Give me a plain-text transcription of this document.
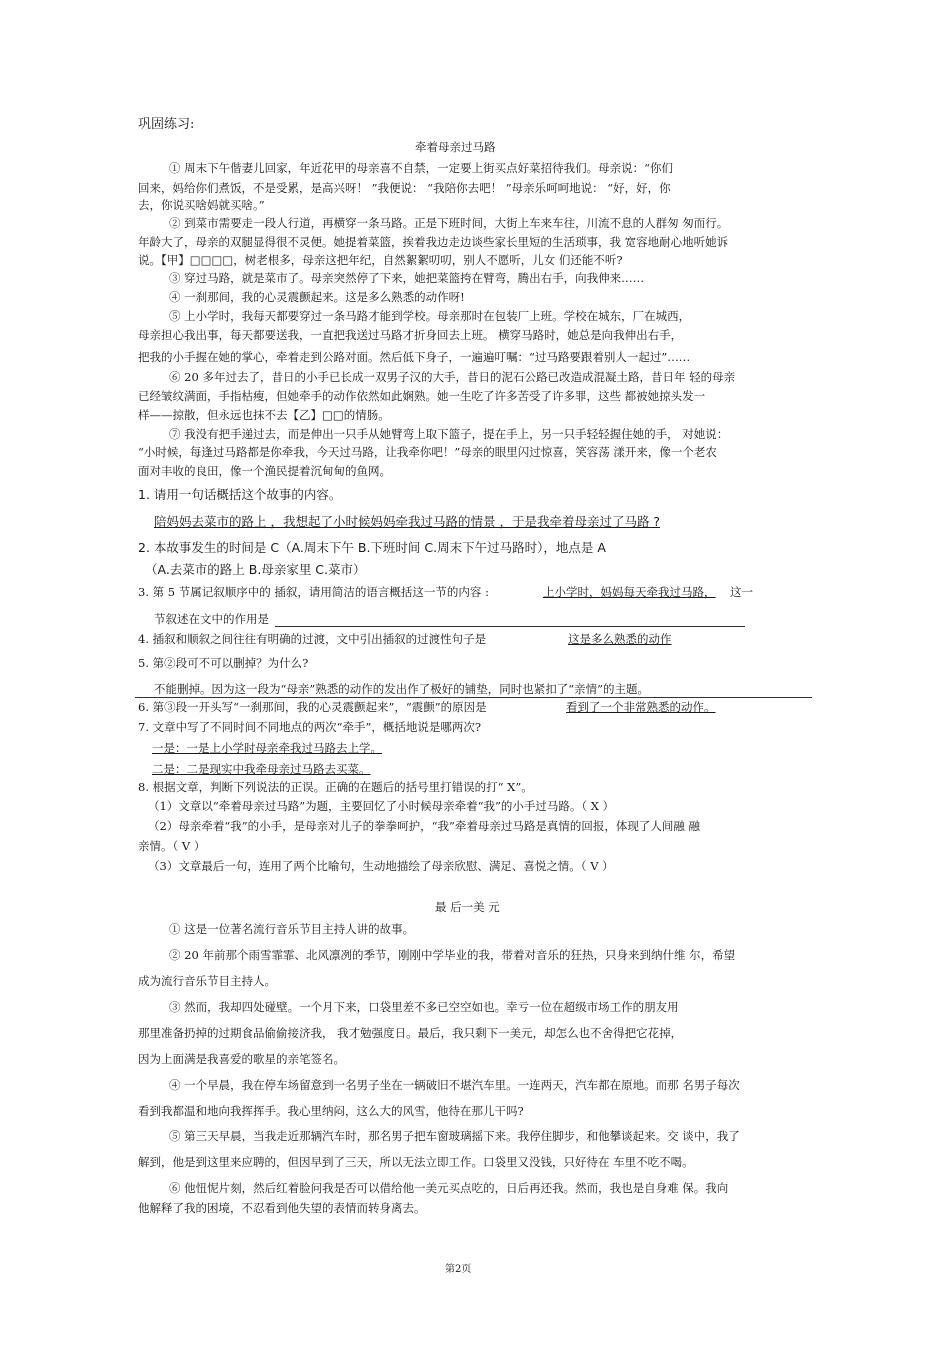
巩固练习:
牵着母亲过马路
① 周末下午偕妻儿回家，年近花甲的母亲喜不自禁，一定要上街买点好菜招待我们。母亲说：“你们
回来，妈给你们煮饭，不是受累，是高兴呀！ ”我便说： “我陪你去吧！ ”母亲乐呵呵地说： “好，好，你
去，你说买啥妈就买啥。”
② 到菜市需要走一段人行道，再横穿一条马路。正是下班时间，大街上车来车往，川流不息的人群匆 匆而行。
年龄大了，母亲的双腿显得很不灵便。她提着菜篮，挨着我边走边谈些家长里短的生活琐事，我 宽容地耐心地听她诉
说。【甲】□□□□，树老根多，母亲这把年纪，自然絮絮叨叨，别人不愿听，儿女 们还能不听?
③ 穿过马路，就是菜市了。母亲突然停了下来，她把菜篮挎在臂弯，腾出右手，向我伸来……
④ 一刹那间，我的心灵震颤起来。这是多么熟悉的动作呀!
⑤ 上小学时，我每天都要穿过一条马路才能到学校。母亲那时在包装厂上班。学校在城东，厂在城西，
母亲担心我出事，每天都要送我，一直把我送过马路才折身回去上班。 横穿马路时，她总是向我伸出右手，
把我的小手握在她的掌心，牵着走到公路对面。然后低下身子，一遍遍叮嘱：“过马路要跟着别人一起过”……
⑥ 20 多年过去了，昔日的小手已长成一双男子汉的大手，昔日的泥石公路已改造成混凝土路，昔日年 轻的母亲
已经皱纹满面，手指枯瘦，但她牵手的动作依然如此娴熟。她一生吃了许多苦受了许多罪，这些 都被她掠头发一
样——掠散，但永远也抹不去【乙】□□的情肠。
⑦ 我没有把手递过去，而是伸出一只手从她臂弯上取下篮子，提在手上，另一只手轻轻握住她的手， 对她说：
“小时候，每逢过马路都是你牵我，今天过马路，让我牵你吧！”母亲的眼里闪过惊喜，笑容荡 漾开来，像一个老农
面对丰收的良田，像一个渔民提着沉甸甸的鱼网。
1. 请用一句话概括这个故事的内容。
陪妈妈去菜市的路上 ，我想起了小时候妈妈牵我过马路的情景 ，于是我牵着母亲过了马路 ?
2. 本故事发生的时间是 C（A.周末下午 B.下班时间 C.周末下午过马路时），地点是 A
（A.去菜市的路上 B.母亲家里 C.菜市）
3. 第 5 节属记叙顺序中的 插叙，请用简洁的语言概括这一节的内容 :	上小学时，妈妈每天牵我过马路， 这一
节叙述在文中的作用是
4. 插叙和顺叙之间往往有明确的过渡，文中引出插叙的过渡性句子是	这是多么熟悉的动作
5. 第②段可不可以删掉？为什么?
不能删掉。因为这一段为“母亲”熟悉的动作的发出作了极好的铺垫，同时也紧扣了“亲情”的主题。
6. 第③段一开头写“一刹那间，我的心灵震颤起来”，“震颤”的原因是	看到了一个非常熟悉的动作。
7. 文章中写了不同时间不同地点的两次“牵手”，概括地说是哪两次?
一是：一是上小学时母亲牵我过马路去上学。
二是：二是现实中我牵母亲过马路去买菜。
8. 根据文章，判断下列说法的正误。正确的在题后的括号里打错误的打“ X”。
（1）文章以“牵着母亲过马路”为题，主要回忆了小时候母亲牵着“我”的小手过马路。（ X ）
（2）母亲牵着“我”的小手，是母亲对儿子的拳拳呵护，“我”牵着母亲过马路是真情的回报，体现了人间融 融
亲情。（ V ）
（3）文章最后一句，连用了两个比喻句，生动地描绘了母亲欣慰、满足、喜悦之情。（ V ）
最 后一美 元
① 这是一位著名流行音乐节目主持人讲的故事。
② 20 年前那个雨雪霏霏、北风凛冽的季节，刚刚中学毕业的我，带着对音乐的狂热，只身来到纳什维 尔，希望
成为流行音乐节目主持人。
③ 然而，我却四处碰壁。一个月下来，口袋里差不多已空空如也。幸亏一位在超级市场工作的朋友用
那里准备扔掉的过期食品偷偷接济我， 我才勉强度日。最后，我只剩下一美元，却怎么也不舍得把它花掉，
因为上面满是我喜爱的歌星的亲笔签名。
④ 一个早晨，我在停车场留意到一名男子坐在一辆破旧不堪汽车里。一连两天，汽车都在原地。而那 名男子每次
看到我都温和地向我挥挥手。我心里纳闷，这么大的风雪，他待在那儿干吗?
⑤ 第三天早晨，当我走近那辆汽车时，那名男子把车窗玻璃摇下来。我停住脚步，和他攀谈起来。交 谈中，我了
解到，他是到这里来应聘的，但因早到了三天，所以无法立即工作。口袋里又没钱，只好待在 车里不吃不喝。
⑥ 他忸怩片刻，然后红着脸问我是否可以借给他一美元买点吃的，日后再还我。然而，我也是自身难 保。我向
他解释了我的困境，不忍看到他失望的表情而转身离去。
第2页
